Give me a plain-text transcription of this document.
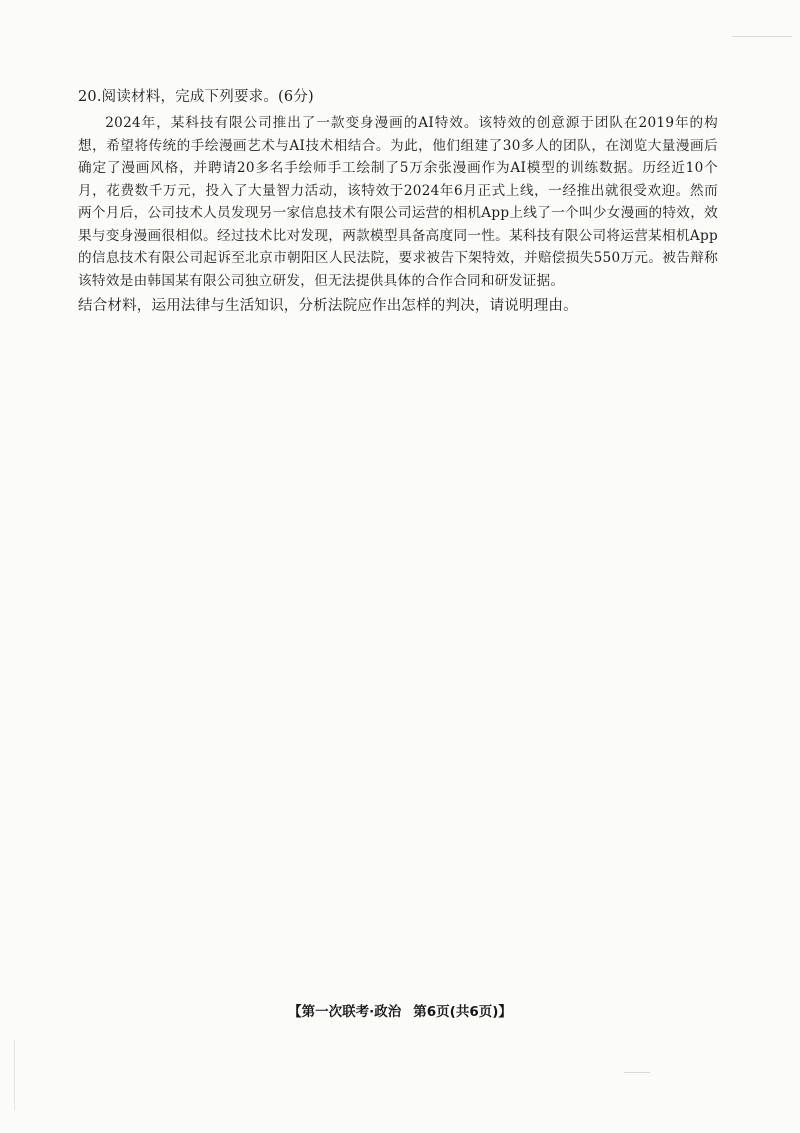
20.阅读材料，完成下列要求。(6分)
2024年，某科技有限公司推出了一款变身漫画的AI特效。该特效的创意源于团队在2019年的构想，希望将传统的手绘漫画艺术与AI技术相结合。为此，他们组建了30多人的团队，在浏览大量漫画后确定了漫画风格，并聘请20多名手绘师手工绘制了5万余张漫画作为AI模型的训练数据。历经近10个月，花费数千万元，投入了大量智力活动，该特效于2024年6月正式上线，一经推出就很受欢迎。然而两个月后，公司技术人员发现另一家信息技术有限公司运营的相机App上线了一个叫少女漫画的特效，效果与变身漫画很相似。经过技术比对发现，两款模型具备高度同一性。某科技有限公司将运营某相机App的信息技术有限公司起诉至北京市朝阳区人民法院，要求被告下架特效，并赔偿损失550万元。被告辩称该特效是由韩国某有限公司独立研发，但无法提供具体的合作合同和研发证据。
结合材料，运用法律与生活知识，分析法院应作出怎样的判决，请说明理由。
【第一次联考·政治 第6页(共6页)】
